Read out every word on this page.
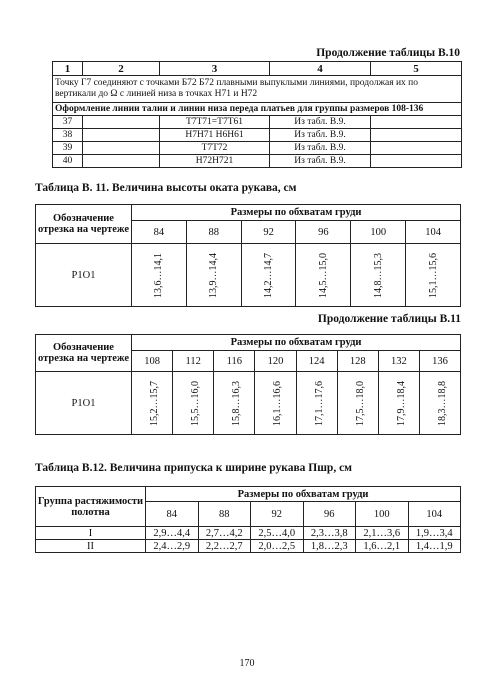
Продолжение таблицы В.10
1	2	3	4	5
Точку Г7 соединяют с точками Б72 Б72 плавными выпуклыми линиями, продолжая их по вертикали до Ω с линией низа в точках Н71 и Н72				
Оформление линии талии и линии низа переда платьев для группы размеров 108-136				
37		Т7Т71=Т7Т61	Из табл. В.9.	
38		Н7Н71 Н6Н61	Из табл. В.9.	
39		Т7Т72	Из табл. В.9.	
40		Н72Н721	Из табл. В.9.	
Таблица В. 11. Величина высоты оката рукава, см
Обозначение отрезка на чертеже	Размеры по обхватам груди					
	84	88	92	96	100	104
Р1О1	13,6…14,1	13,9…14,4	14,2…14,7	14,5…15,0	14,8…15,3	15,1…15,6
Продолжение таблицы В.11
Обозначение отрезка на чертеже	Размеры по обхватам груди							
	108	112	116	120	124	128	132	136
Р1О1	15,2…15,7	15,5…16,0	15,8…16,3	16,1…16,6	17,1…17,6	17,5…18,0	17,9…18,4	18,3…18,8
Таблица В.12. Величина припуска к ширине рукава Пшр, см
Группа растяжимости полотна	Размеры по обхватам груди					
	84	88	92	96	100	104
I	2,9…4,4	2,7…4,2	2,5…4,0	2,3…3,8	2,1…3,6	1,9…3,4
II	2,4…2,9	2,2…2,7	2,0…2,5	1,8…2,3	1,6…2,1	1,4…1,9
170
